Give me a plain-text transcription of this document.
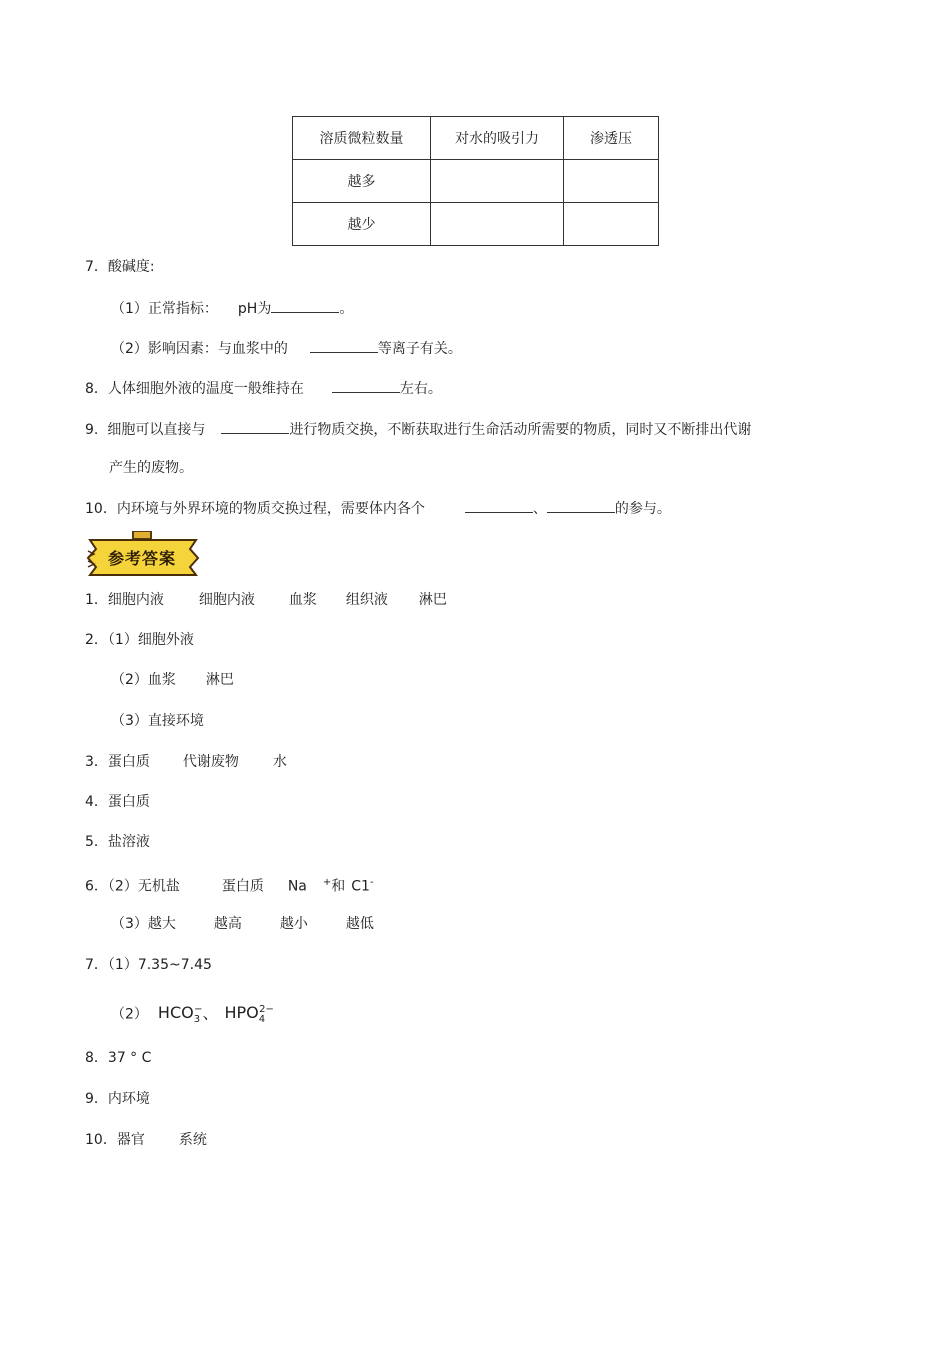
溶质微粒数量	对水的吸引力	渗透压
越多		
越少		
7．酸碱度:
（1）正常指标： pH为	。
（2）影响因素：与血浆中的	等离子有关。
8．人体细胞外液的温度一般维持在	左右。
9. 细胞可以直接与	进行物质交换，不断获取进行生命活动所需要的物质，同时又不断排出代谢
产生的废物。
10．内环境与外界环境的物质交换过程，需要体内各个	、	的参与。
参考答案
1．细胞内液	细胞内液 血浆 组织液 淋巴
2．（1）细胞外液
（2）血浆 淋巴
（3）直接环境
3．蛋白质 代谢废物 水
4．蛋白质
5．盐溶液
6．（2）无机盐	蛋白质 Na +和 C1-
（3）越大	越高	越小	越低
7．（1）7.35~7.45
（2） $HCO_3^-$、 $HPO_4^{2-}$
8．37 ° C
9．内环境
10．器官 系统
